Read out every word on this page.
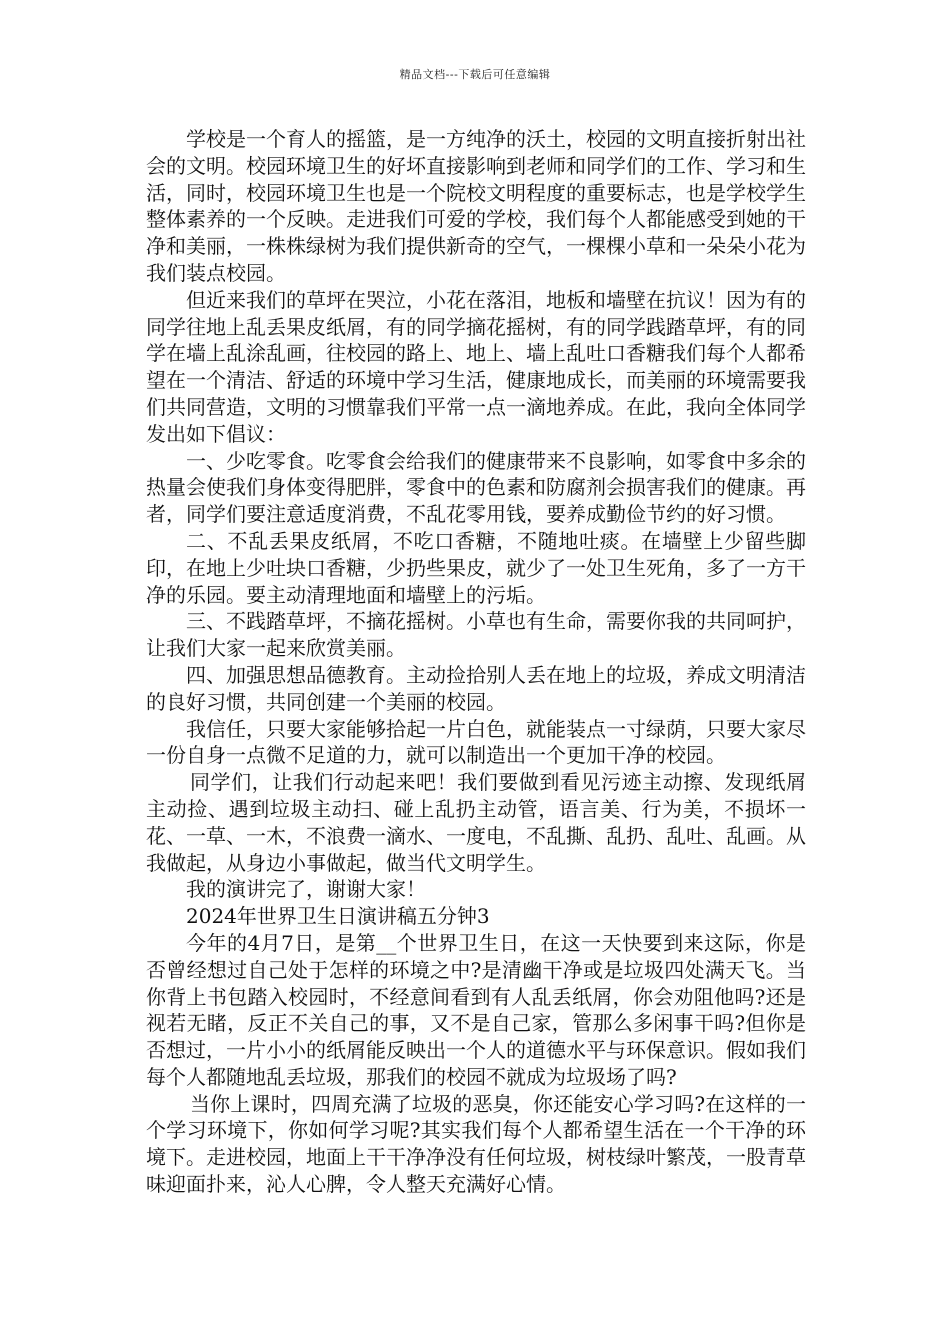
精品文档---下载后可任意编辑

学校是一个育人的摇篮，是一方纯净的沃土，校园的文明直接折射出社会的文明。校园环境卫生的好坏直接影响到老师和同学们的工作、学习和生活，同时，校园环境卫生也是一个院校文明程度的重要标志，也是学校学生整体素养的一个反映。走进我们可爱的学校，我们每个人都能感受到她的干净和美丽，一株株绿树为我们提供新奇的空气，一棵棵小草和一朵朵小花为我们装点校园。

但近来我们的草坪在哭泣，小花在落泪，地板和墙壁在抗议！因为有的同学往地上乱丢果皮纸屑，有的同学摘花摇树，有的同学践踏草坪，有的同学在墙上乱涂乱画，往校园的路上、地上、墙上乱吐口香糖我们每个人都希望在一个清洁、舒适的环境中学习生活，健康地成长，而美丽的环境需要我们共同营造，文明的习惯靠我们平常一点一滴地养成。在此，我向全体同学发出如下倡议：

一、少吃零食。吃零食会给我们的健康带来不良影响，如零食中多余的热量会使我们身体变得肥胖，零食中的色素和防腐剂会损害我们的健康。再者，同学们要注意适度消费，不乱花零用钱，要养成勤俭节约的好习惯。

二、不乱丢果皮纸屑，不吃口香糖，不随地吐痰。在墙壁上少留些脚印，在地上少吐块口香糖，少扔些果皮，就少了一处卫生死角，多了一方干净的乐园。要主动清理地面和墙壁上的污垢。

三、不践踏草坪，不摘花摇树。小草也有生命，需要你我的共同呵护，让我们大家一起来欣赏美丽。

四、加强思想品德教育。主动捡拾别人丢在地上的垃圾，养成文明清洁的良好习惯，共同创建一个美丽的校园。

我信任，只要大家能够拾起一片白色，就能装点一寸绿荫，只要大家尽一份自身一点微不足道的力，就可以制造出一个更加干净的校园。

同学们，让我们行动起来吧！我们要做到看见污迹主动擦、发现纸屑主动捡、遇到垃圾主动扫、碰上乱扔主动管，语言美、行为美，不损坏一花、一草、一木，不浪费一滴水、一度电，不乱撕、乱扔、乱吐、乱画。从我做起，从身边小事做起，做当代文明学生。

我的演讲完了，谢谢大家！

2024年世界卫生日演讲稿五分钟3

今年的4月7日，是第__个世界卫生日，在这一天快要到来这际，你是否曾经想过自己处于怎样的环境之中?是清幽干净或是垃圾四处满天飞。当你背上书包踏入校园时，不经意间看到有人乱丢纸屑，你会劝阻他吗?还是视若无睹，反正不关自己的事，又不是自己家，管那么多闲事干吗?但你是否想过，一片小小的纸屑能反映出一个人的道德水平与环保意识。假如我们每个人都随地乱丢垃圾，那我们的校园不就成为垃圾场了吗?

当你上课时，四周充满了垃圾的恶臭，你还能安心学习吗?在这样的一个学习环境下，你如何学习呢?其实我们每个人都希望生活在一个干净的环境下。走进校园，地面上干干净净没有任何垃圾，树枝绿叶繁茂，一股青草味迎面扑来，沁人心脾，令人整天充满好心情。
